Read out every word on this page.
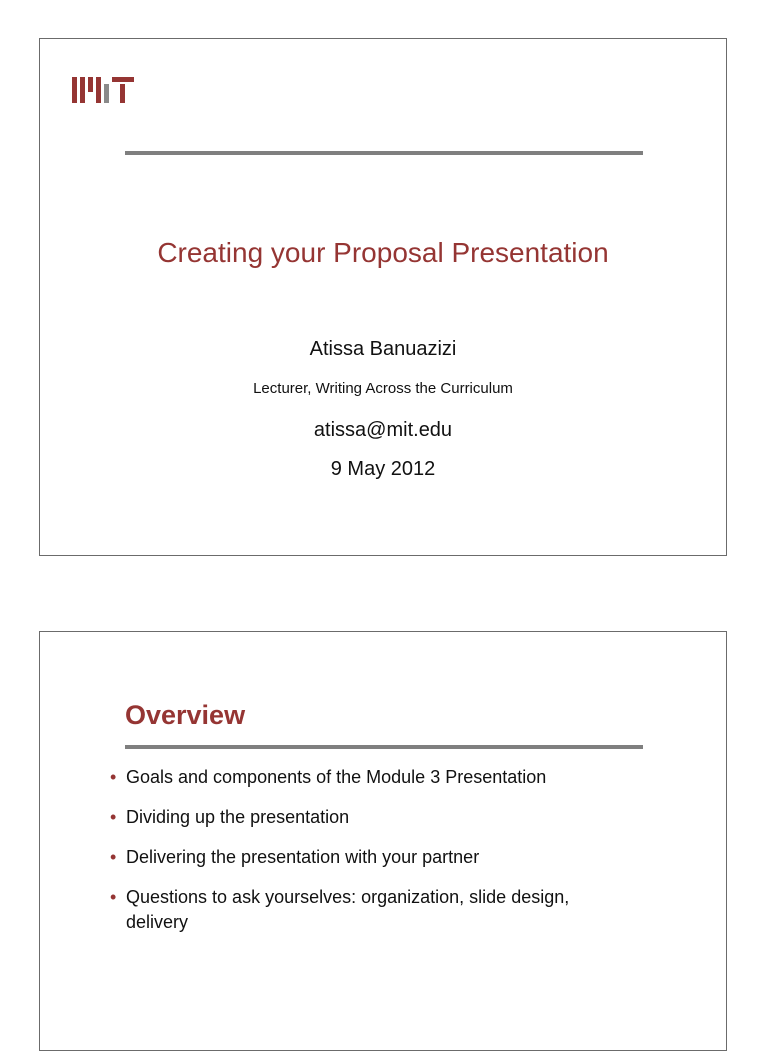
Creating your Proposal Presentation
Atissa Banuazizi
Lecturer, Writing Across the Curriculum
atissa@mit.edu
9 May 2012
Overview
• Goals and components of the Module 3 Presentation
• Dividing up the presentation
• Delivering the presentation with your partner
• Questions to ask yourselves: organization, slide design, delivery
